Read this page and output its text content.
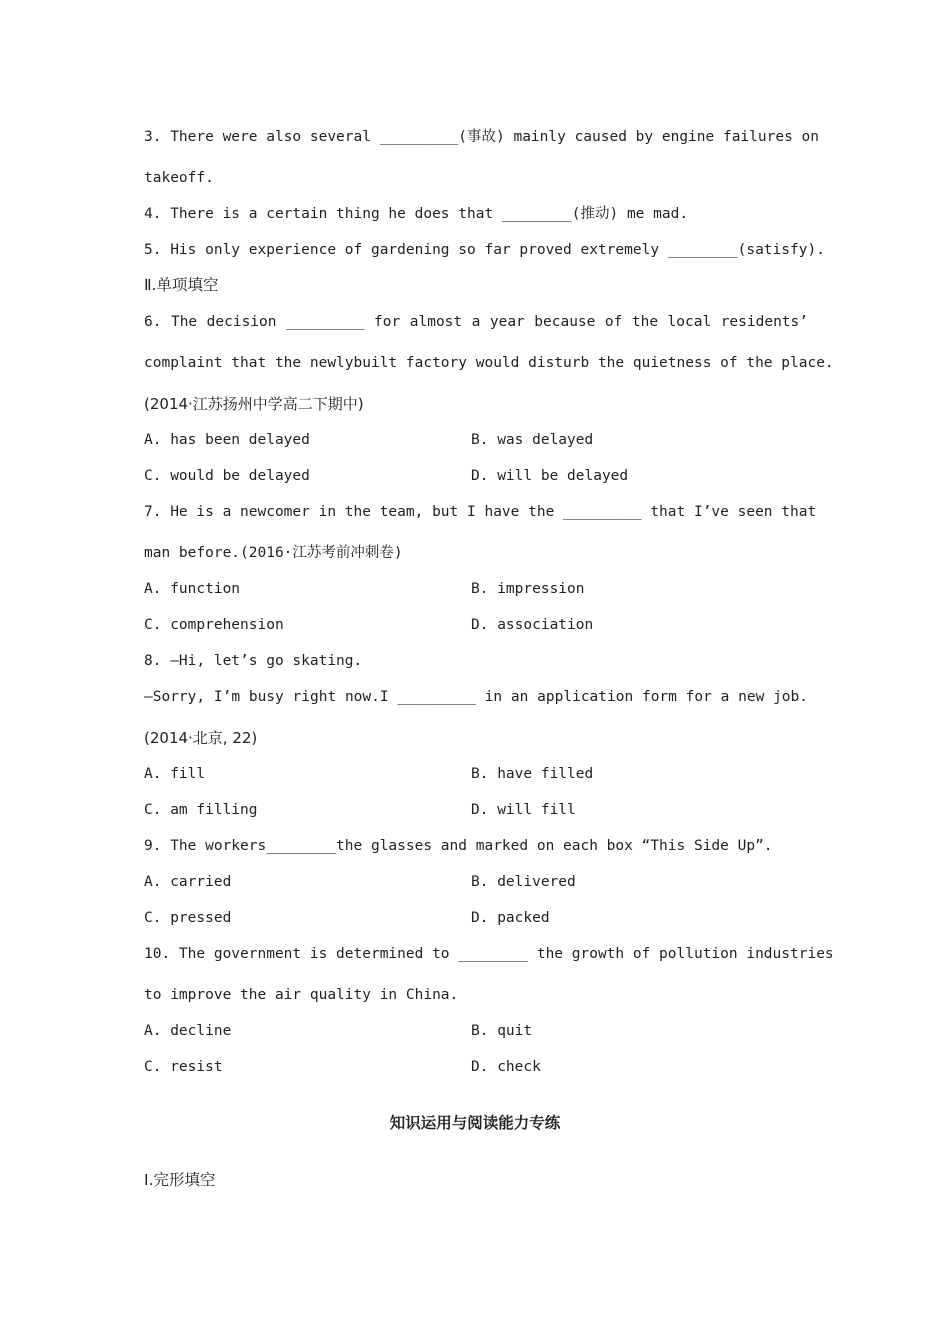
3. There were also several _________(事故) mainly caused by engine failures on
takeoff.
4. There is a certain thing he does that ________(推动) me mad.
5. His only experience of gardening so far proved extremely ________(satisfy).
Ⅱ.单项填空
6. The decision _________ for almost a year because of the local residents’
complaint that the newlybuilt factory would disturb the quietness of the place.
(2014·江苏扬州中学高二下期中)
A. has been delayed	B. was delayed
C. would be delayed	D. will be delayed
7. He is a newcomer in the team, but I have the _________ that I’ve seen that
man before.(2016·江苏考前冲刺卷)
A. function	B. impression
C. comprehension	D. association
8. —Hi, let’s go skating.
—Sorry, I’m busy right now.I _________ in an application form for a new job.
(2014·北京, 22)
A. fill	B. have filled
C. am filling	D. will fill
9. The workers________the glasses and marked on each box “This Side Up”.
A. carried	B. delivered
C. pressed	D. packed
10. The government is determined to ________ the growth of pollution industries
to improve the air quality in China.
A. decline	B. quit
C. resist	D. check
知识运用与阅读能力专练
Ⅰ.完形填空
